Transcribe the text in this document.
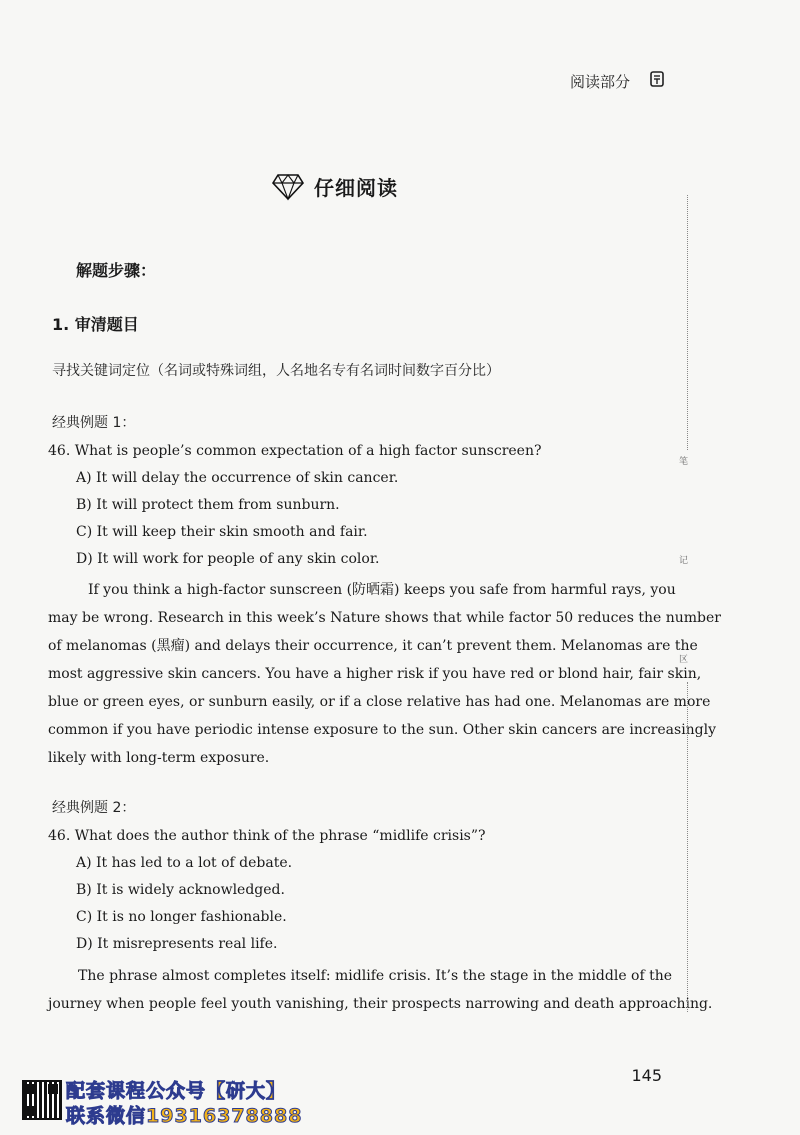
阅读部分
仔细阅读
解题步骤：
1. 审清题目
寻找关键词定位（名词或特殊词组，人名地名专有名词时间数字百分比）
经典例题 1：
46. What is people’s common expectation of a high factor sunscreen?
A) It will delay the occurrence of skin cancer.
B) It will protect them from sunburn.
C) It will keep their skin smooth and fair.
D) It will work for people of any skin color.
If you think a high-factor sunscreen (防晒霜) keeps you safe from harmful rays, you
may be wrong. Research in this week’s Nature shows that while factor 50 reduces the number
of melanomas (黑瘤) and delays their occurrence, it can’t prevent them. Melanomas are the
most aggressive skin cancers. You have a higher risk if you have red or blond hair, fair skin,
blue or green eyes, or sunburn easily, or if a close relative has had one. Melanomas are more
common if you have periodic intense exposure to the sun. Other skin cancers are increasingly
likely with long-term exposure.
经典例题 2：
46. What does the author think of the phrase “midlife crisis”?
A) It has led to a lot of debate.
B) It is widely acknowledged.
C) It is no longer fashionable.
D) It misrepresents real life.
The phrase almost completes itself: midlife crisis. It’s the stage in the middle of the
journey when people feel youth vanishing, their prospects narrowing and death approaching.
笔
记
区
145
配套课程公众号【研大】
联系微信19316378888
